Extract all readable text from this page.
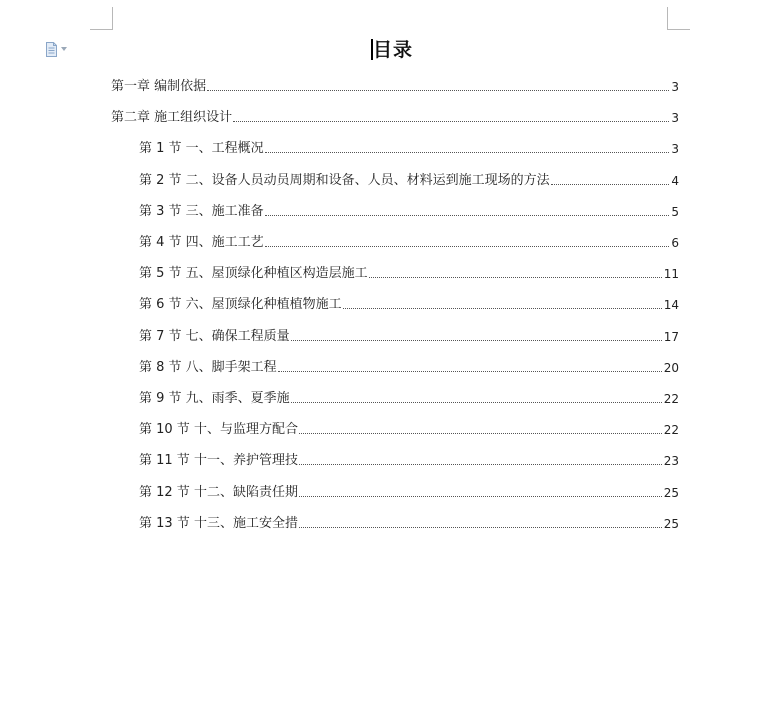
目录
第一章 编制依据	3
第二章 施工组织设计	3
第 1 节 一、工程概况	3
第 2 节 二、设备人员动员周期和设备、人员、材料运到施工现场的方法	4
第 3 节 三、施工准备	5
第 4 节 四、施工工艺	6
第 5 节 五、屋顶绿化种植区构造层施工	11
第 6 节 六、屋顶绿化种植植物施工	14
第 7 节 七、确保工程质量	17
第 8 节 八、脚手架工程	20
第 9 节 九、雨季、夏季施	22
第 10 节 十、与监理方配合	22
第 11 节 十一、养护管理技	23
第 12 节 十二、缺陷责任期	25
第 13 节 十三、施工安全措	25
